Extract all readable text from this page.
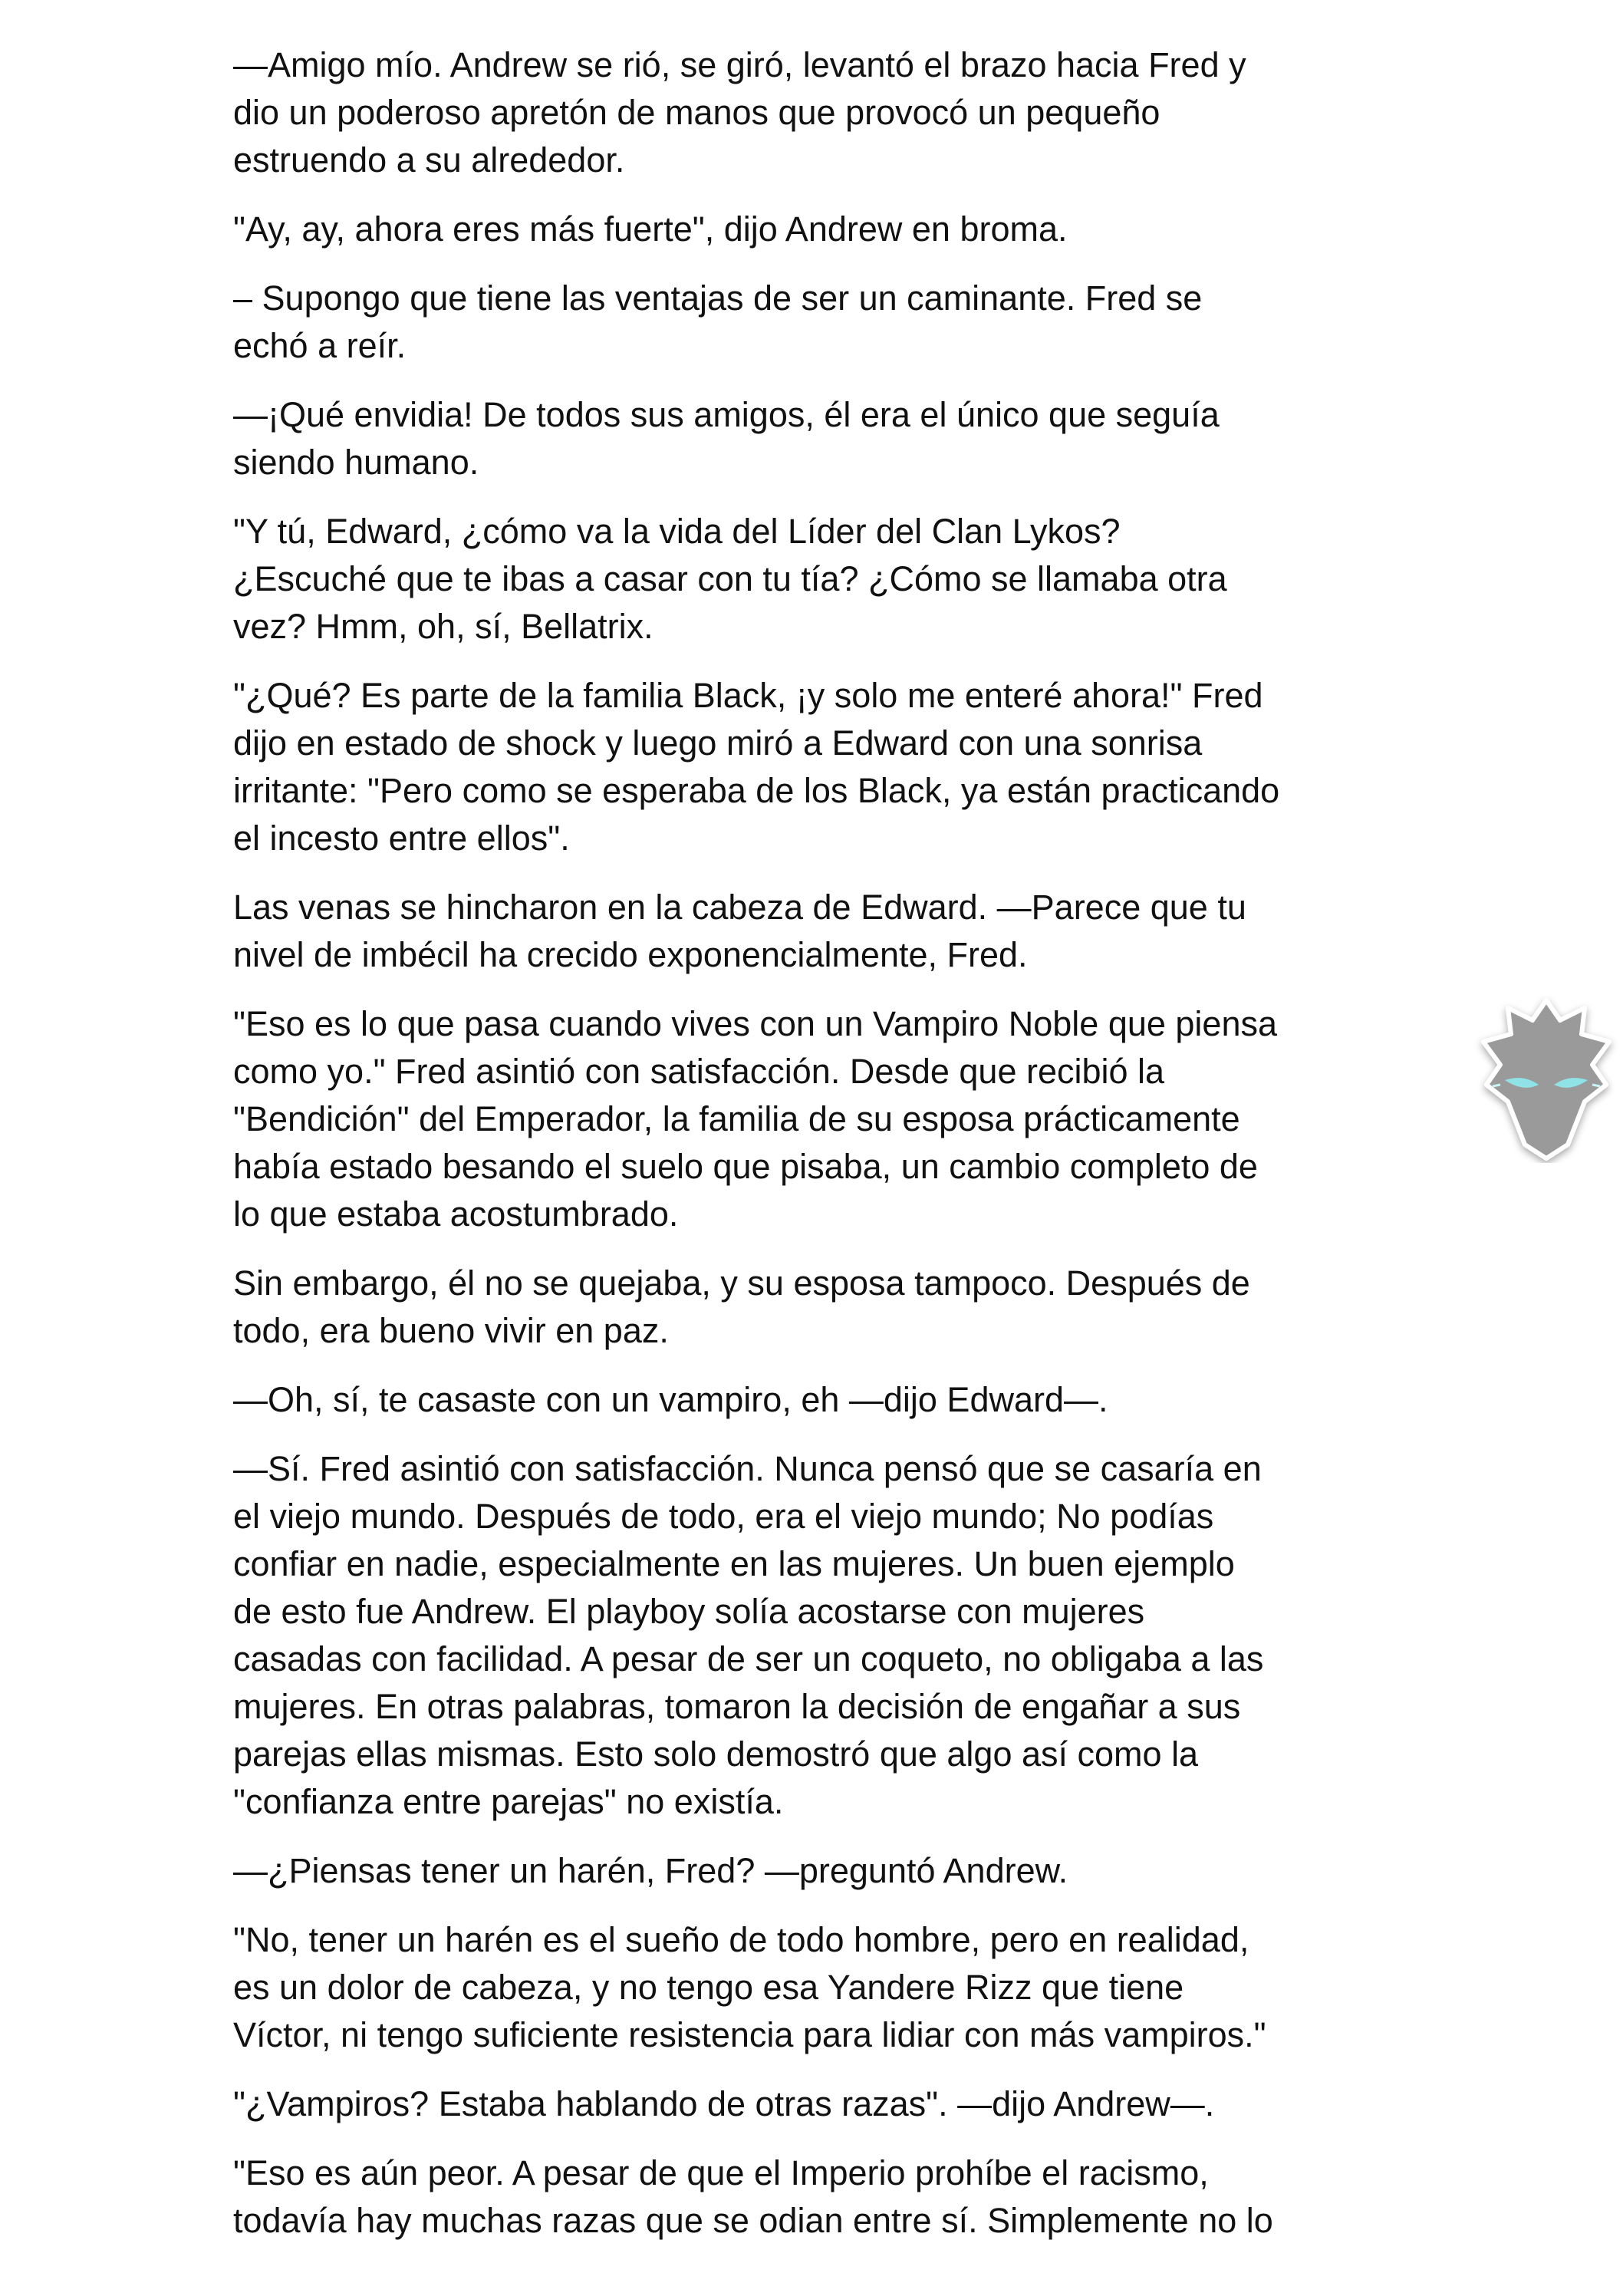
—Amigo mío. Andrew se rió, se giró, levantó el brazo hacia Fred y
dio un poderoso apretón de manos que provocó un pequeño
estruendo a su alrededor.

"Ay, ay, ahora eres más fuerte", dijo Andrew en broma.

– Supongo que tiene las ventajas de ser un caminante. Fred se
echó a reír.

—¡Qué envidia! De todos sus amigos, él era el único que seguía
siendo humano.

"Y tú, Edward, ¿cómo va la vida del Líder del Clan Lykos?
¿Escuché que te ibas a casar con tu tía? ¿Cómo se llamaba otra
vez? Hmm, oh, sí, Bellatrix.

"¿Qué? Es parte de la familia Black, ¡y solo me enteré ahora!" Fred
dijo en estado de shock y luego miró a Edward con una sonrisa
irritante: "Pero como se esperaba de los Black, ya están practicando
el incesto entre ellos".

Las venas se hincharon en la cabeza de Edward. —Parece que tu
nivel de imbécil ha crecido exponencialmente, Fred.

"Eso es lo que pasa cuando vives con un Vampiro Noble que piensa
como yo." Fred asintió con satisfacción. Desde que recibió la
"Bendición" del Emperador, la familia de su esposa prácticamente
había estado besando el suelo que pisaba, un cambio completo de
lo que estaba acostumbrado.

Sin embargo, él no se quejaba, y su esposa tampoco. Después de
todo, era bueno vivir en paz.

—Oh, sí, te casaste con un vampiro, eh —dijo Edward—.

—Sí. Fred asintió con satisfacción. Nunca pensó que se casaría en
el viejo mundo. Después de todo, era el viejo mundo; No podías
confiar en nadie, especialmente en las mujeres. Un buen ejemplo
de esto fue Andrew. El playboy solía acostarse con mujeres
casadas con facilidad. A pesar de ser un coqueto, no obligaba a las
mujeres. En otras palabras, tomaron la decisión de engañar a sus
parejas ellas mismas. Esto solo demostró que algo así como la
"confianza entre parejas" no existía.

—¿Piensas tener un harén, Fred? —preguntó Andrew.

"No, tener un harén es el sueño de todo hombre, pero en realidad,
es un dolor de cabeza, y no tengo esa Yandere Rizz que tiene
Víctor, ni tengo suficiente resistencia para lidiar con más vampiros."

"¿Vampiros? Estaba hablando de otras razas". —dijo Andrew—.

"Eso es aún peor. A pesar de que el Imperio prohíbe el racismo,
todavía hay muchas razas que se odian entre sí. Simplemente no lo
